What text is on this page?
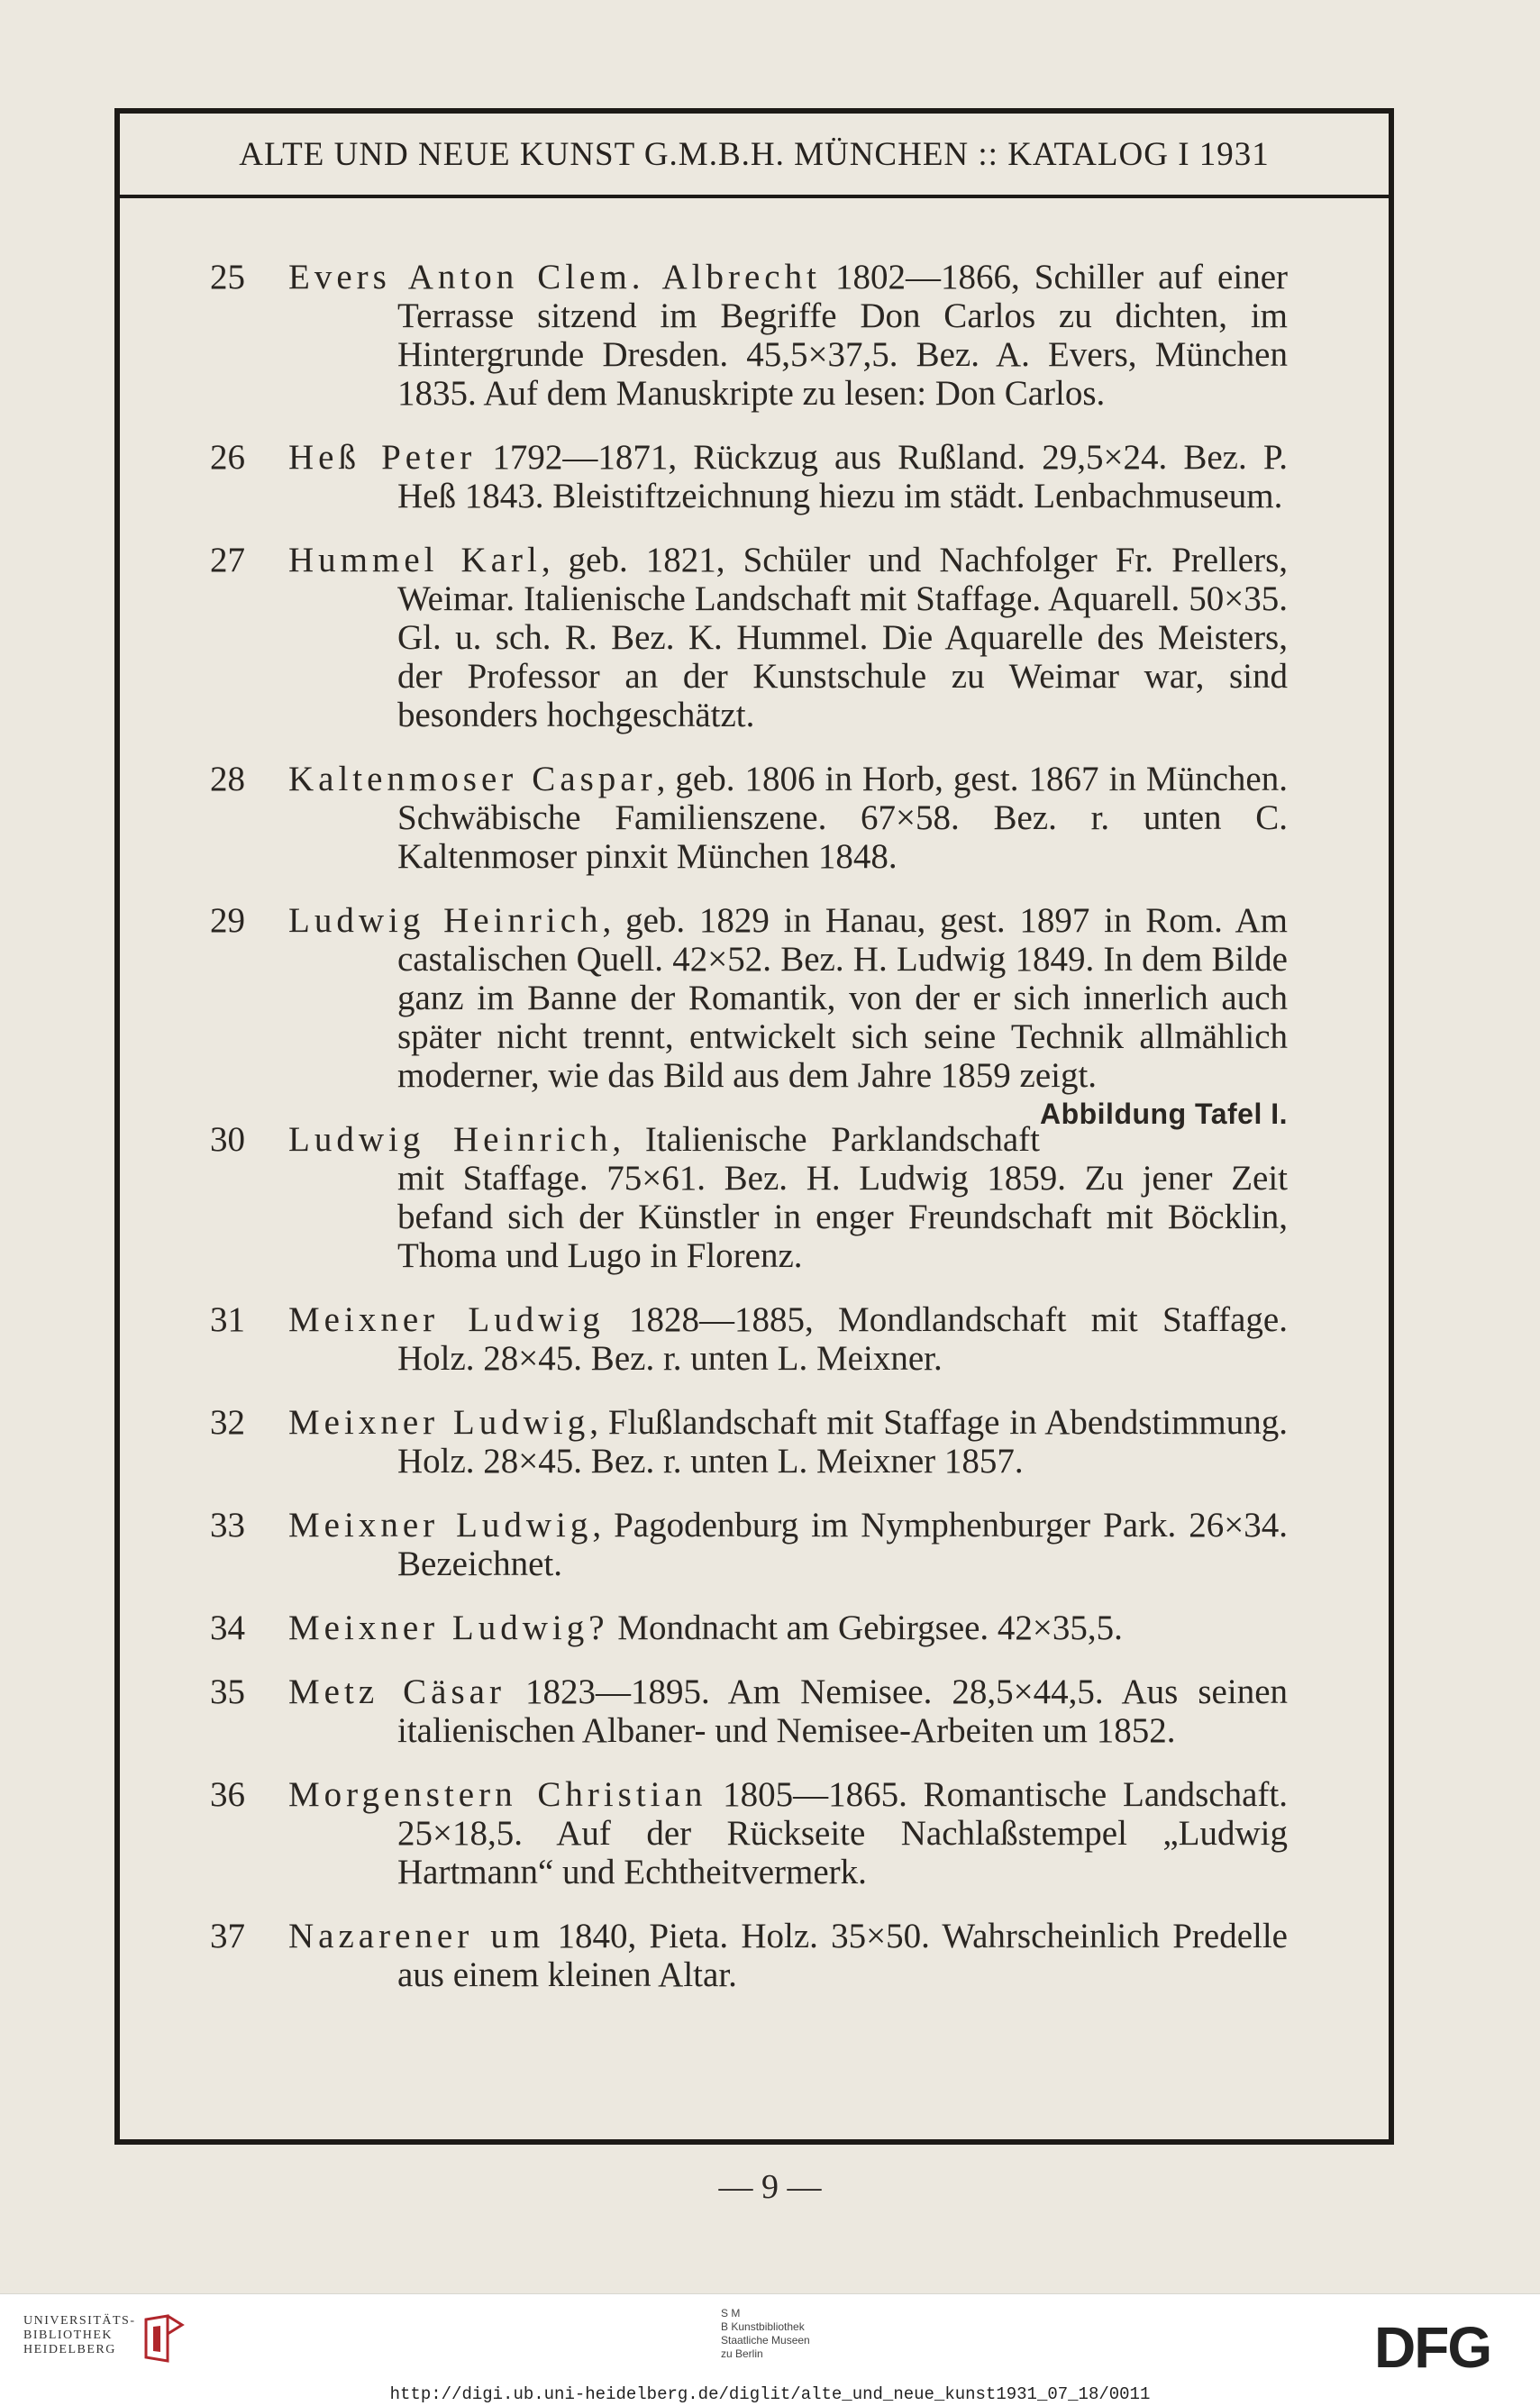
ALTE UND NEUE KUNST G.M.B.H. MÜNCHEN :: KATALOG I 1931
25	Evers Anton Clem. Albrecht 1802—1866, Schiller auf einer Terrasse sitzend im Begriffe Don Carlos zu dichten, im Hintergrunde Dresden. 45,5×37,5. Bez. A. Evers, München 1835. Auf dem Manuskripte zu lesen: Don Carlos.
26	Heß Peter 1792—1871, Rückzug aus Rußland. 29,5×24. Bez. P. Heß 1843. Bleistiftzeichnung hiezu im städt. Lenbachmuseum.
27	Hummel Karl, geb. 1821, Schüler und Nachfolger Fr. Prellers, Weimar. Italienische Landschaft mit Staffage. Aquarell. 50×35. Gl. u. sch. R. Bez. K. Hummel. Die Aquarelle des Meisters, der Professor an der Kunstschule zu Weimar war, sind besonders hochgeschätzt.
28	Kaltenmoser Caspar, geb. 1806 in Horb, gest. 1867 in München. Schwäbische Familienszene. 67×58. Bez. r. unten C. Kaltenmoser pinxit München 1848.
29	Ludwig Heinrich, geb. 1829 in Hanau, gest. 1897 in Rom. Am castalischen Quell. 42×52. Bez. H. Ludwig 1849. In dem Bilde ganz im Banne der Romantik, von der er sich innerlich auch später nicht trennt, entwickelt sich seine Technik allmählich moderner, wie das Bild aus dem Jahre 1859 zeigt.
Abbildung Tafel I.
30	Ludwig Heinrich, Italienische Parklandschaft mit Staffage. 75×61. Bez. H. Ludwig 1859. Zu jener Zeit befand sich der Künstler in enger Freundschaft mit Böcklin, Thoma und Lugo in Florenz.
31	Meixner Ludwig 1828—1885, Mondlandschaft mit Staffage. Holz. 28×45. Bez. r. unten L. Meixner.
32	Meixner Ludwig, Flußlandschaft mit Staffage in Abendstimmung. Holz. 28×45. Bez. r. unten L. Meixner 1857.
33	Meixner Ludwig, Pagodenburg im Nymphenburger Park. 26×34. Bezeichnet.
34	Meixner Ludwig? Mondnacht am Gebirgsee. 42×35,5.
35	Metz Cäsar 1823—1895. Am Nemisee. 28,5×44,5. Aus seinen italienischen Albaner- und Nemisee-Arbeiten um 1852.
36	Morgenstern Christian 1805—1865. Romantische Landschaft. 25×18,5. Auf der Rückseite Nachlaßstempel „Ludwig Hartmann“ und Echtheitvermerk.
37	Nazarener um 1840, Pieta. Holz. 35×50. Wahrscheinlich Predelle aus einem kleinen Altar.
— 9 —
UNIVERSITÄTS-
BIBLIOTHEK
HEIDELBERG
S M
B Kunstbibliothek
Staatliche Museen
zu Berlin	DFG
http://digi.ub.uni-heidelberg.de/diglit/alte_und_neue_kunst1931_07_18/0011
